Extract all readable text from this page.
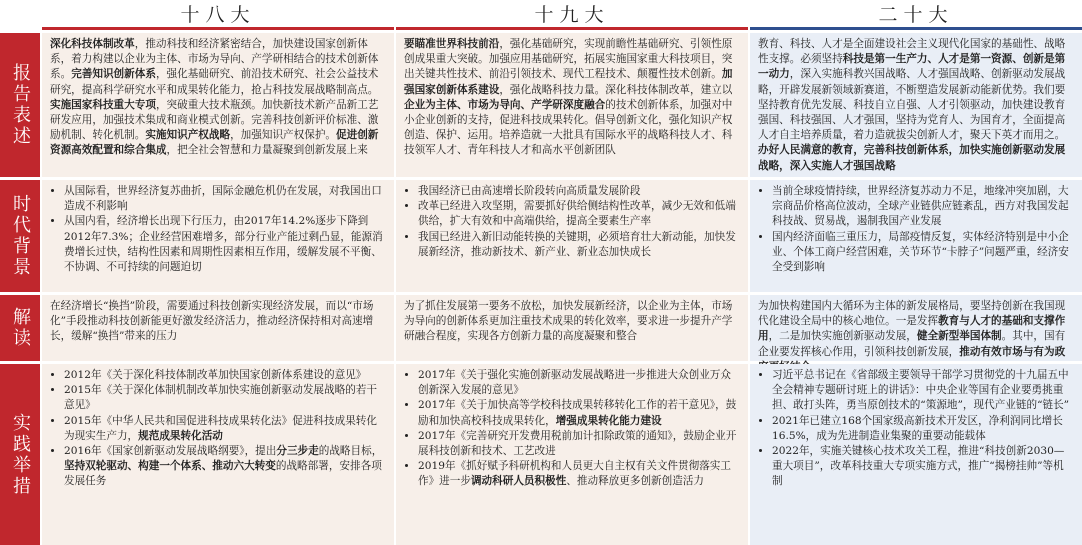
十八大	十九大	二十大
报告表述

深化科技体制改革，推动科技和经济紧密结合，加快建设国家创新体系，着力构建以企业为主体、市场为导向、产学研相结合的技术创新体系。完善知识创新体系，强化基础研究、前沿技术研究、社会公益技术研究，提高科学研究水平和成果转化能力，抢占科技发展战略制高点。实施国家科技重大专项，突破重大技术瓶颈。加快新技术新产品新工艺研发应用，加强技术集成和商业模式创新。完善科技创新评价标准、激励机制、转化机制。实施知识产权战略，加强知识产权保护。促进创新资源高效配置和综合集成，把全社会智慧和力量凝聚到创新发展上来

要瞄准世界科技前沿，强化基础研究，实现前瞻性基础研究、引领性原创成果重大突破。加强应用基础研究，拓展实施国家重大科技项目，突出关键共性技术、前沿引领技术、现代工程技术、颠覆性技术创新。加强国家创新体系建设，强化战略科技力量。深化科技体制改革，建立以企业为主体、市场为导向、产学研深度融合的技术创新体系，加强对中小企业创新的支持，促进科技成果转化。倡导创新文化，强化知识产权创造、保护、运用。培养造就一大批具有国际水平的战略科技人才、科技领军人才、青年科技人才和高水平创新团队

教育、科技、人才是全面建设社会主义现代化国家的基础性、战略性支撑。必须坚持科技是第一生产力、人才是第一资源、创新是第一动力，深入实施科教兴国战略、人才强国战略、创新驱动发展战略，开辟发展新领域新赛道，不断塑造发展新动能新优势。我们要坚持教育优先发展、科技自立自强、人才引领驱动，加快建设教育强国、科技强国、人才强国，坚持为党育人、为国育才，全面提高人才自主培养质量，着力造就拔尖创新人才，聚天下英才而用之。办好人民满意的教育，完善科技创新体系，加快实施创新驱动发展战略，深入实施人才强国战略

时代背景
• 从国际看，世界经济复苏曲折，国际金融危机仍在发展，对我国出口造成不利影响
• 从国内看，经济增长出现下行压力，由2017年14.2%逐步下降到2012年7.3%；企业经营困难增多，部分行业产能过剩凸显，能源消费增长过快，结构性因素和周期性因素相互作用，缓解发展不平衡、不协调、不可持续的问题迫切
• 我国经济已由高速增长阶段转向高质量发展阶段
• 改革已经进入攻坚期，需要抓好供给侧结构性改革，减少无效和低端供给，扩大有效和中高端供给，提高全要素生产率
• 我国已经进入新旧动能转换的关键期，必须培育壮大新动能，加快发展新经济，推动新技术、新产业、新业态加快成长
• 当前全球疫情持续，世界经济复苏动力不足，地缘冲突加剧，大宗商品价格高位波动，全球产业链供应链紊乱，西方对我国发起科技战、贸易战，遏制我国产业发展
• 国内经济面临三重压力，局部疫情反复，实体经济特别是中小企业、个体工商户经营困难，关节环节“卡脖子”问题严重，经济安全受到影响
解读

在经济增长“换挡”阶段，需要通过科技创新实现经济发展，而以“市场化”手段推动科技创新能更好激发经济活力，推动经济保持相对高速增长，缓解“换挡”带来的压力

为了抓住发展第一要务不放松，加快发展新经济，以企业为主体，市场为导向的创新体系更加注重技术成果的转化效率，要求进一步提升产学研融合程度，实现各方创新力量的高度凝聚和整合

为加快构建国内大循环为主体的新发展格局，要坚持创新在我国现代化建设全局中的核心地位。一是发挥教育与人才的基础和支撑作用，二是加快实施创新驱动发展，健全新型举国体制。其中，国有企业要发挥核心作用，引领科技创新发展，推动有效市场与有为政

实践举措
• 2012年《关于深化科技体制改革加快国家创新体系建设的意见》
• 2015年《关于深化体制机制改革加快实施创新驱动发展战略的若干意见》
• 2015年《中华人民共和国促进科技成果转化法》促进科技成果转化为现实生产力，规范成果转化活动
• 2016年《国家创新驱动发展战略纲要》，提出分三步走的战略目标，坚持双轮驱动、构建一个体系、推动六大转变的战略部署，安排各项发展任务
• 2017年《关于强化实施创新驱动发展战略进一步推进大众创业万众创新深入发展的意见》
• 2017年《关于加快高等学校科技成果转移转化工作的若干意见》，鼓励和加快高校科技成果转化，增强成果转化能力建设
• 2017年《完善研究开发费用税前加计扣除政策的通知》，鼓励企业开展科技创新和技术、工艺改进
• 2019年《抓好赋予科研机构和人员更大自主权有关文件贯彻落实工作》进一步调动科研人员积极性、推动释放更多创新创造活力
• 习近平总书记在《省部级主要领导干部学习贯彻党的十九届五中全会精神专题研讨班上的讲话》：中央企业等国有企业要勇挑重担、敢打头阵，勇当原创技术的“策源地”，现代产业链的“链长”
• 2021年已建立168个国家级高新技术开发区，净利润同比增长16.5%，成为先进制造业集聚的重要动能载体
• 2022年，实施关键核心技术攻关工程，推进“科技创新2030—重大项目”，改革科技重大专项实施方式，推广“揭榜挂帅”等机制
